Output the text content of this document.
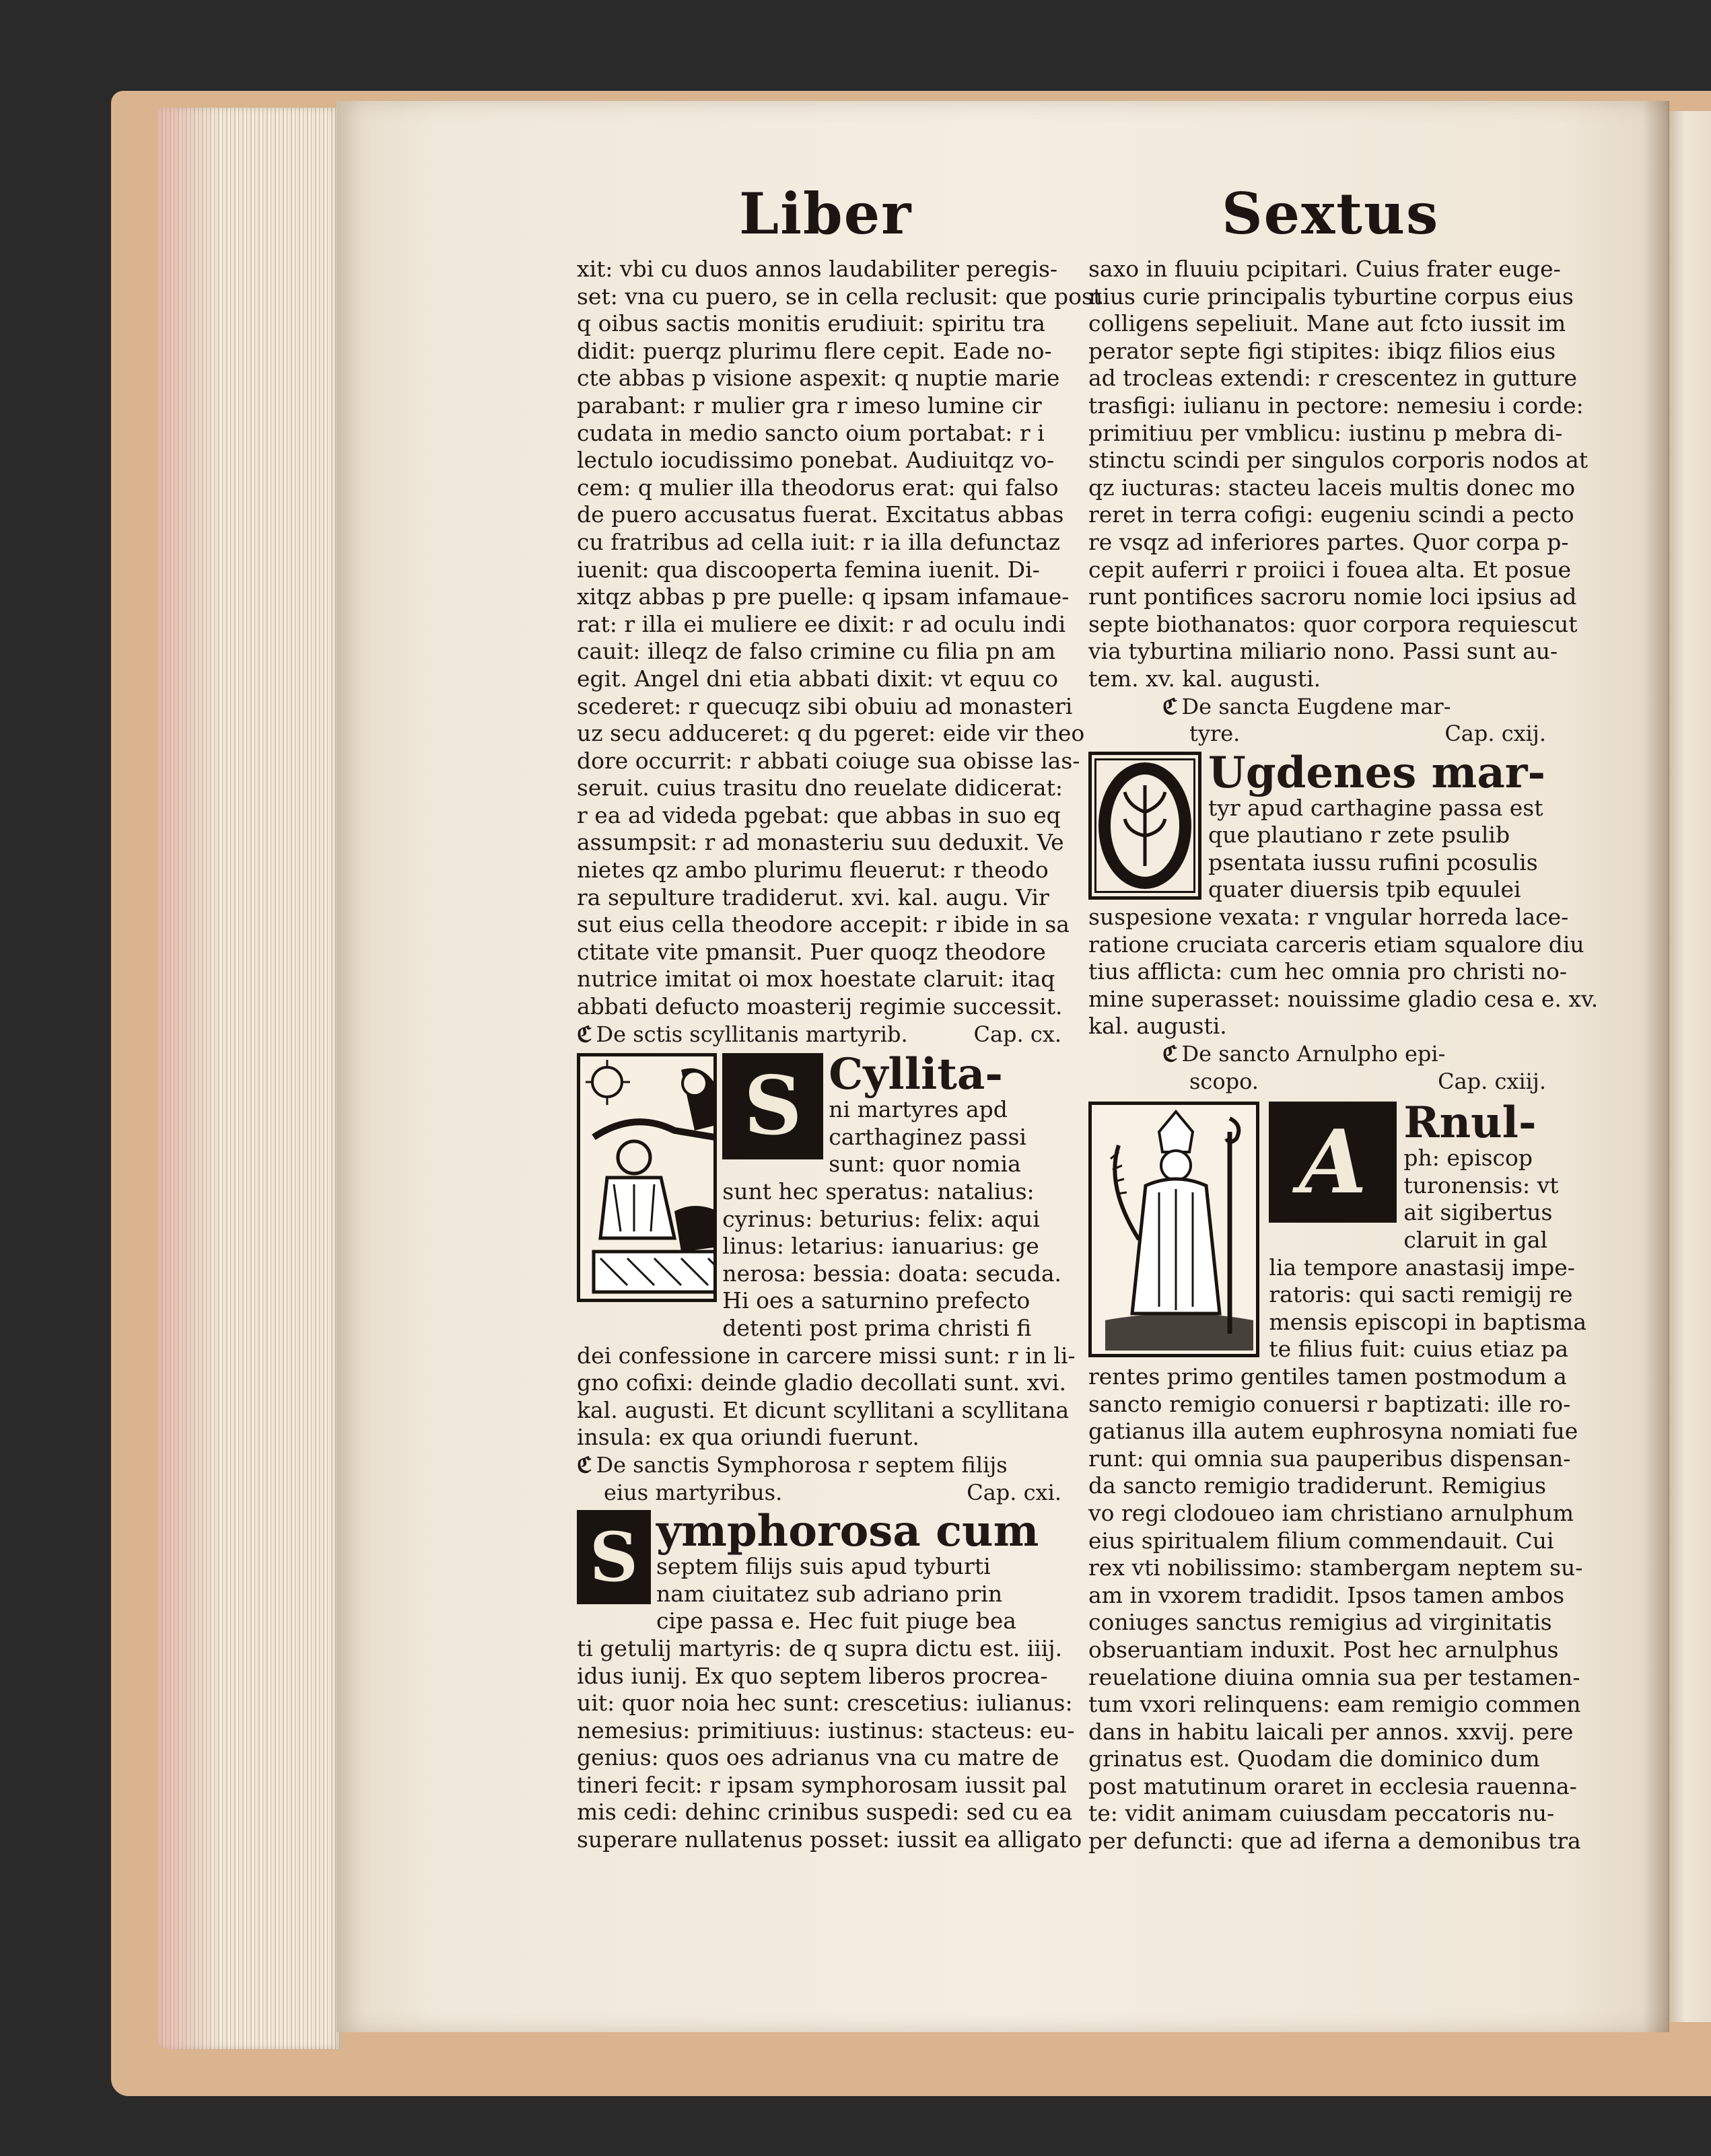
Liber	Sextus

xit: vbi cu duos annos laudabiliter peregis-

set: vna cu puero, se in cella reclusit: que post

q oibus sactis monitis erudiuit: spiritu tra

didit: puerqz plurimu flere cepit. Eade no-

cte abbas p visione aspexit: q nuptie marie

parabant: r mulier gra r imeso lumine cir

cudata in medio sancto oium portabat: r i

lectulo iocudissimo ponebat. Audiuitqz vo-

cem: q mulier illa theodorus erat: qui falso

de puero accusatus fuerat. Excitatus abbas

cu fratribus ad cella iuit: r ia illa defunctaz

iuenit: qua discooperta femina iuenit. Di-

xitqz abbas p pre puelle: q ipsam infamaue-

rat: r illa ei muliere ee dixit: r ad oculu indi

cauit: illeqz de falso crimine cu filia pn am

egit. Angel dni etia abbati dixit: vt equu co

scederet: r quecuqz sibi obuiu ad monasteri

uz secu adduceret: q du pgeret: eide vir theo

dore occurrit: r abbati coiuge sua obisse las-

seruit. cuius trasitu dno reuelate didicerat:

r ea ad videda pgebat: que abbas in suo eq

assumpsit: r ad monasteriu suu deduxit. Ve

nietes qz ambo plurimu fleuerut: r theodo

ra sepulture tradiderut. xvi. kal. augu. Vir

sut eius cella theodore accepit: r ibide in sa

ctitate vite pmansit. Puer quoqz theodore

nutrice imitat oi mox hoestate claruit: itaq

abbati defucto moasterij regimie successit.

ℭ De sctis scyllitanis martyrib.	Cap. cx.

S Cyllita-

ni martyres apd

carthaginez passi

sunt: quor nomia

sunt hec speratus: natalius:

cyrinus: beturius: felix: aqui

linus: letarius: ianuarius: ge

nerosa: bessia: doata: secuda.

Hi oes a saturnino prefecto

detenti post prima christi fi

dei confessione in carcere missi sunt: r in li-

gno cofixi: deinde gladio decollati sunt. xvi.

kal. augusti. Et dicunt scyllitani a scyllitana

insula: ex qua oriundi fuerunt.

ℭ De sanctis Symphorosa r septem filijs

eius martyribus.	Cap. cxi.

S ymphorosa cum

septem filijs suis apud tyburti

nam ciuitatez sub adriano prin

cipe passa e. Hec fuit piuge bea

ti getulij martyris: de q supra dictu est. iiij.

idus iunij. Ex quo septem liberos procrea-

uit: quor noia hec sunt: crescetius: iulianus:

nemesius: primitiuus: iustinus: stacteus: eu-

genius: quos oes adrianus vna cu matre de

tineri fecit: r ipsam symphorosam iussit pal

mis cedi: dehinc crinibus suspedi: sed cu ea

superare nullatenus posset: iussit ea alligato

saxo in fluuiu pcipitari. Cuius frater euge-

nius curie principalis tyburtine corpus eius

colligens sepeliuit. Mane aut fcto iussit im

perator septe figi stipites: ibiqz filios eius

ad trocleas extendi: r crescentez in gutture

trasfigi: iulianu in pectore: nemesiu i corde:

primitiuu per vmblicu: iustinu p mebra di-

stinctu scindi per singulos corporis nodos at

qz iucturas: stacteu laceis multis donec mo

reret in terra cofigi: eugeniu scindi a pecto

re vsqz ad inferiores partes. Quor corpa p-

cepit auferri r proiici i fouea alta. Et posue

runt pontifices sacroru nomie loci ipsius ad

septe biothanatos: quor corpora requiescut

via tyburtina miliario nono. Passi sunt au-

tem. xv. kal. augusti.

ℭ De sancta Eugdene mar-

tyre.	Cap. cxij.

Ugdenes mar-

tyr apud carthagine passa est

que plautiano r zete psulib

psentata iussu rufini pcosulis

quater diuersis tpib equulei

suspesione vexata: r vngular horreda lace-

ratione cruciata carceris etiam squalore diu

tius afflicta: cum hec omnia pro christi no-

mine superasset: nouissime gladio cesa e. xv.

kal. augusti.

ℭ De sancto Arnulpho epi-

scopo.	Cap. cxiij.

A Rnul-

ph: episcop

turonensis: vt

ait sigibertus

claruit in gal

lia tempore anastasij impe-

ratoris: qui sacti remigij re

mensis episcopi in baptisma

te filius fuit: cuius etiaz pa

rentes primo gentiles tamen postmodum a

sancto remigio conuersi r baptizati: ille ro-

gatianus illa autem euphrosyna nomiati fue

runt: qui omnia sua pauperibus dispensan-

da sancto remigio tradiderunt. Remigius

vo regi clodoueo iam christiano arnulphum

eius spiritualem filium commendauit. Cui

rex vti nobilissimo: stambergam neptem su-

am in vxorem tradidit. Ipsos tamen ambos

coniuges sanctus remigius ad virginitatis

obseruantiam induxit. Post hec arnulphus

reuelatione diuina omnia sua per testamen-

tum vxori relinquens: eam remigio commen

dans in habitu laicali per annos. xxvij. pere

grinatus est. Quodam die dominico dum

post matutinum oraret in ecclesia rauenna-

te: vidit animam cuiusdam peccatoris nu-

per defuncti: que ad iferna a demonibus tra
